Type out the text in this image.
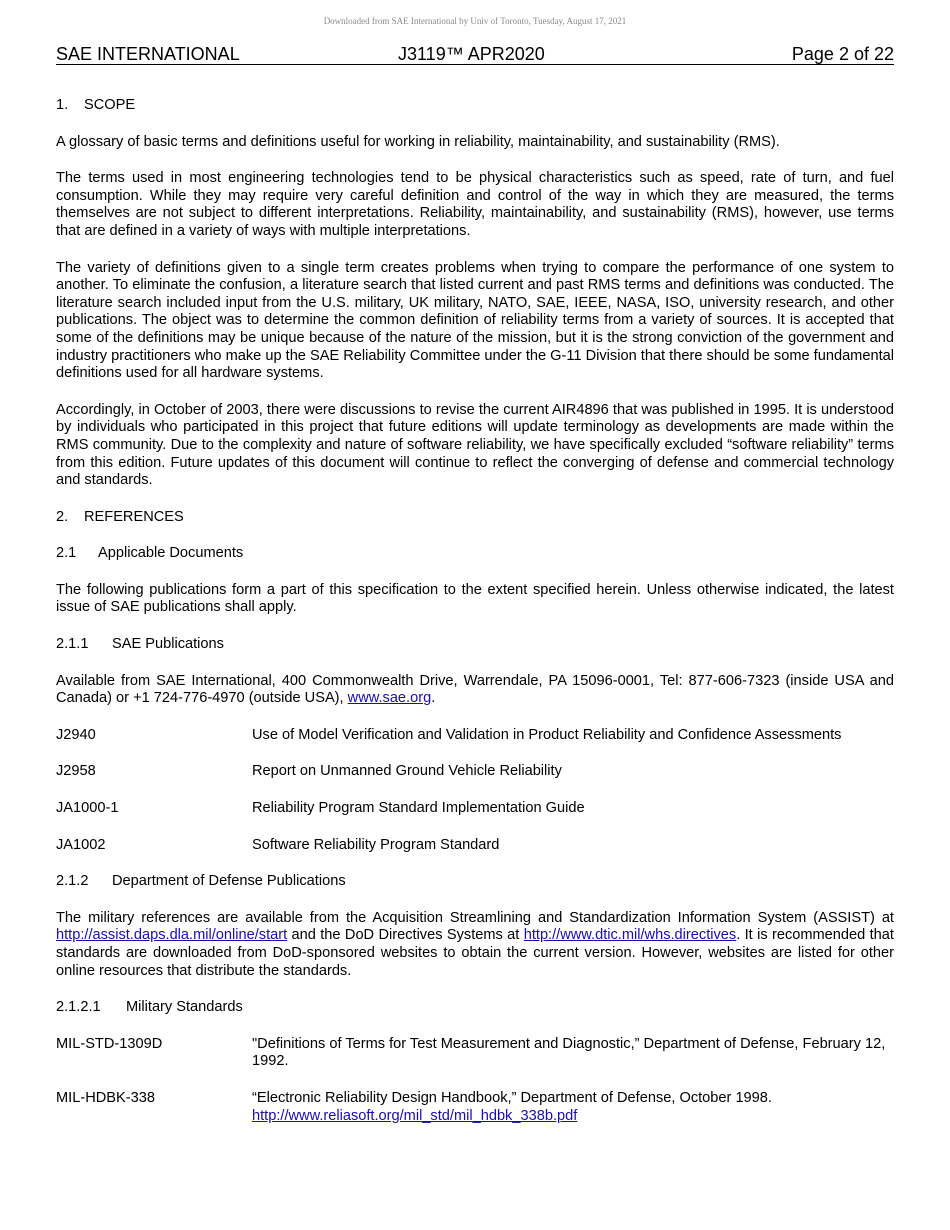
Downloaded from SAE International by Univ of Toronto, Tuesday, August 17, 2021
SAE INTERNATIONAL	J3119™ APR2020	Page 2 of 22
1. SCOPE

A glossary of basic terms and definitions useful for working in reliability, maintainability, and sustainability (RMS).

The terms used in most engineering technologies tend to be physical characteristics such as speed, rate of turn, and fuel consumption. While they may require very careful definition and control of the way in which they are measured, the terms themselves are not subject to different interpretations. Reliability, maintainability, and sustainability (RMS), however, use terms that are defined in a variety of ways with multiple interpretations.

The variety of definitions given to a single term creates problems when trying to compare the performance of one system to another. To eliminate the confusion, a literature search that listed current and past RMS terms and definitions was conducted. The literature search included input from the U.S. military, UK military, NATO, SAE, IEEE, NASA, ISO, university research, and other publications. The object was to determine the common definition of reliability terms from a variety of sources. It is accepted that some of the definitions may be unique because of the nature of the mission, but it is the strong conviction of the government and industry practitioners who make up the SAE Reliability Committee under the G-11 Division that there should be some fundamental definitions used for all hardware systems.

Accordingly, in October of 2003, there were discussions to revise the current AIR4896 that was published in 1995. It is understood by individuals who participated in this project that future editions will update terminology as developments are made within the RMS community. Due to the complexity and nature of software reliability, we have specifically excluded “software reliability” terms from this edition. Future updates of this document will continue to reflect the converging of defense and commercial technology and standards.

2. REFERENCES
2.1 Applicable Documents

The following publications form a part of this specification to the extent specified herein. Unless otherwise indicated, the latest issue of SAE publications shall apply.

2.1.1 SAE Publications

Available from SAE International, 400 Commonwealth Drive, Warrendale, PA 15096-0001, Tel: 877-606-7323 (inside USA and Canada) or +1 724-776-4970 (outside USA), www.sae.org.

J2940	Use of Model Verification and Validation in Product Reliability and Confidence Assessments
J2958	Report on Unmanned Ground Vehicle Reliability
JA1000-1	Reliability Program Standard Implementation Guide
JA1002	Software Reliability Program Standard
2.1.2 Department of Defense Publications

The military references are available from the Acquisition Streamlining and Standardization Information System (ASSIST) at http://assist.daps.dla.mil/online/start and the DoD Directives Systems at http://www.dtic.mil/whs.directives. It is recommended that standards are downloaded from DoD-sponsored websites to obtain the current version. However, websites are listed for other online resources that distribute the standards.

2.1.2.1 Military Standards
MIL-STD-1309D	"Definitions of Terms for Test Measurement and Diagnostic,” Department of Defense, February 12, 1992.
MIL-HDBK-338	“Electronic Reliability Design Handbook,” Department of Defense, October 1998.
http://www.reliasoft.org/mil_std/mil_hdbk_338b.pdf
